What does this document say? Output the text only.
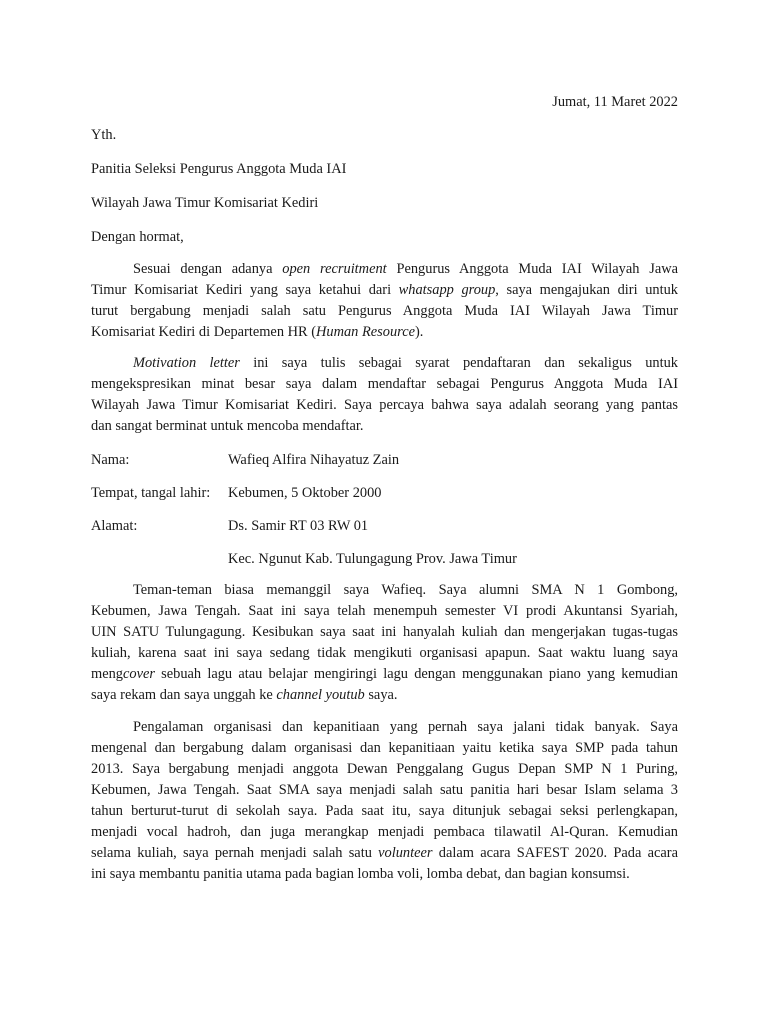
Jumat, 11 Maret 2022
Yth.
Panitia Seleksi Pengurus Anggota Muda IAI
Wilayah Jawa Timur Komisariat Kediri
Dengan hormat,
Sesuai dengan adanya open recruitment Pengurus Anggota Muda IAI Wilayah Jawa
Timur Komisariat Kediri yang saya ketahui dari whatsapp group, saya mengajukan diri untuk
turut bergabung menjadi salah satu Pengurus Anggota Muda IAI Wilayah Jawa Timur
Komisariat Kediri di Departemen HR (Human Resource).
Motivation letter ini saya tulis sebagai syarat pendaftaran dan sekaligus untuk
mengekspresikan minat besar saya dalam mendaftar sebagai Pengurus Anggota Muda IAI
Wilayah Jawa Timur Komisariat Kediri. Saya percaya bahwa saya adalah seorang yang pantas
dan sangat berminat untuk mencoba mendaftar.
Nama:	Wafieq Alfira Nihayatuz Zain
Tempat, tangal lahir: Kebumen, 5 Oktober 2000
Alamat:	Ds. Samir RT 03 RW 01
Kec. Ngunut Kab. Tulungagung Prov. Jawa Timur
Teman-teman biasa memanggil saya Wafieq. Saya alumni SMA N 1 Gombong,
Kebumen, Jawa Tengah. Saat ini saya telah menempuh semester VI prodi Akuntansi Syariah,
UIN SATU Tulungagung. Kesibukan saya saat ini hanyalah kuliah dan mengerjakan tugas-tugas
kuliah, karena saat ini saya sedang tidak mengikuti organisasi apapun. Saat waktu luang saya
mengcover sebuah lagu atau belajar mengiringi lagu dengan menggunakan piano yang kemudian
saya rekam dan saya unggah ke channel youtub saya.
Pengalaman organisasi dan kepanitiaan yang pernah saya jalani tidak banyak. Saya
mengenal dan bergabung dalam organisasi dan kepanitiaan yaitu ketika saya SMP pada tahun
2013. Saya bergabung menjadi anggota Dewan Penggalang Gugus Depan SMP N 1 Puring,
Kebumen, Jawa Tengah. Saat SMA saya menjadi salah satu panitia hari besar Islam selama 3
tahun berturut-turut di sekolah saya. Pada saat itu, saya ditunjuk sebagai seksi perlengkapan,
menjadi vocal hadroh, dan juga merangkap menjadi pembaca tilawatil Al-Quran. Kemudian
selama kuliah, saya pernah menjadi salah satu volunteer dalam acara SAFEST 2020. Pada acara
ini saya membantu panitia utama pada bagian lomba voli, lomba debat, dan bagian konsumsi.
